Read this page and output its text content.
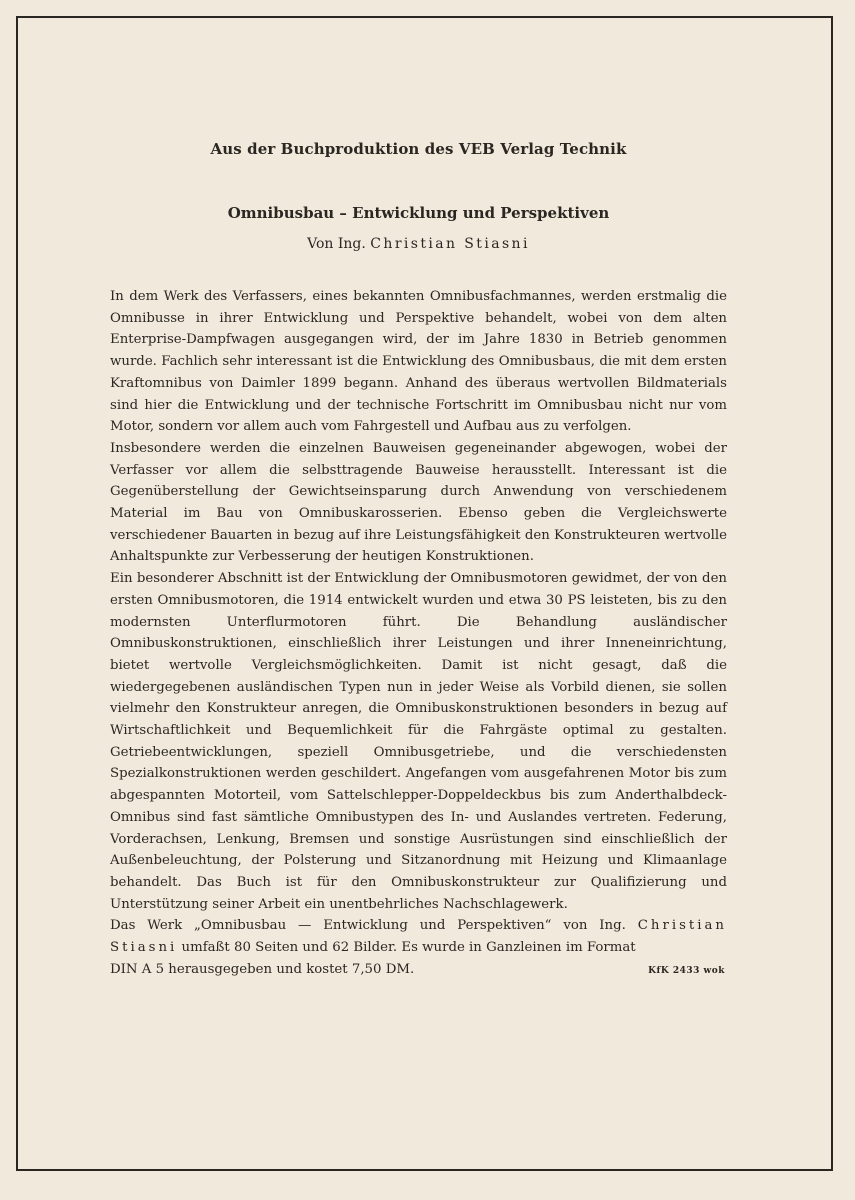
Aus der Buchproduktion des VEB Verlag Technik
Omnibusbau – Entwicklung und Perspektiven
Von Ing. Christian Stiasni

In dem Werk des Verfassers, eines bekannten Omnibusfachmannes, werden erstmalig die Omnibusse in ihrer Entwicklung und Perspektive behandelt, wobei von dem alten Enterprise-Dampfwagen ausgegangen wird, der im Jahre 1830 in Betrieb genommen wurde. Fachlich sehr interessant ist die Entwicklung des Omnibusbaus, die mit dem ersten Kraftomnibus von Daimler 1899 begann. Anhand des überaus wertvollen Bildmaterials sind hier die Entwicklung und der technische Fortschritt im Omnibusbau nicht nur vom Motor, sondern vor allem auch vom Fahrgestell und Aufbau aus zu verfolgen.

Insbesondere werden die einzelnen Bauweisen gegeneinander abgewogen, wobei der Verfasser vor allem die selbsttragende Bauweise herausstellt. Interessant ist die Gegenüberstellung der Gewichtseinsparung durch Anwendung von verschiedenem Material im Bau von Omnibuskarosserien. Ebenso geben die Vergleichswerte verschiedener Bauarten in bezug auf ihre Leistungsfähigkeit den Konstrukteuren wertvolle Anhaltspunkte zur Verbesserung der heutigen Konstruktionen.

Ein besonderer Abschnitt ist der Entwicklung der Omnibusmotoren gewidmet, der von den ersten Omnibusmotoren, die 1914 entwickelt wurden und etwa 30 PS leisteten, bis zu den modernsten Unterflurmotoren führt. Die Behandlung ausländischer Omnibuskonstruktionen, einschließlich ihrer Leistungen und ihrer Inneneinrichtung, bietet wertvolle Vergleichsmöglichkeiten. Damit ist nicht gesagt, daß die wiedergegebenen ausländischen Typen nun in jeder Weise als Vorbild dienen, sie sollen vielmehr den Konstrukteur anregen, die Omnibuskonstruktionen besonders in bezug auf Wirtschaftlichkeit und Bequemlichkeit für die Fahrgäste optimal zu gestalten. Getriebeentwicklungen, speziell Omnibusgetriebe, und die verschiedensten Spezialkonstruktionen werden geschildert. Angefangen vom ausgefahrenen Motor bis zum abgespannten Motorteil, vom Sattelschlepper-Doppeldeckbus bis zum Anderthalbdeck-Omnibus sind fast sämtliche Omnibustypen des In- und Auslandes vertreten. Federung, Vorderachsen, Lenkung, Bremsen und sonstige Ausrüstungen sind einschließlich der Außenbeleuchtung, der Polsterung und Sitzanordnung mit Heizung und Klimaanlage behandelt. Das Buch ist für den Omnibuskonstrukteur zur Qualifizierung und Unterstützung seiner Arbeit ein unentbehrliches Nachschlagewerk.

Das Werk „Omnibusbau — Entwicklung und Perspektiven“ von Ing. Christian Stiasni umfaßt 80 Seiten und 62 Bilder. Es wurde in Ganzleinen im Format

DIN A 5 herausgegeben und kostet 7,50 DM.	KfK 2433 wok
